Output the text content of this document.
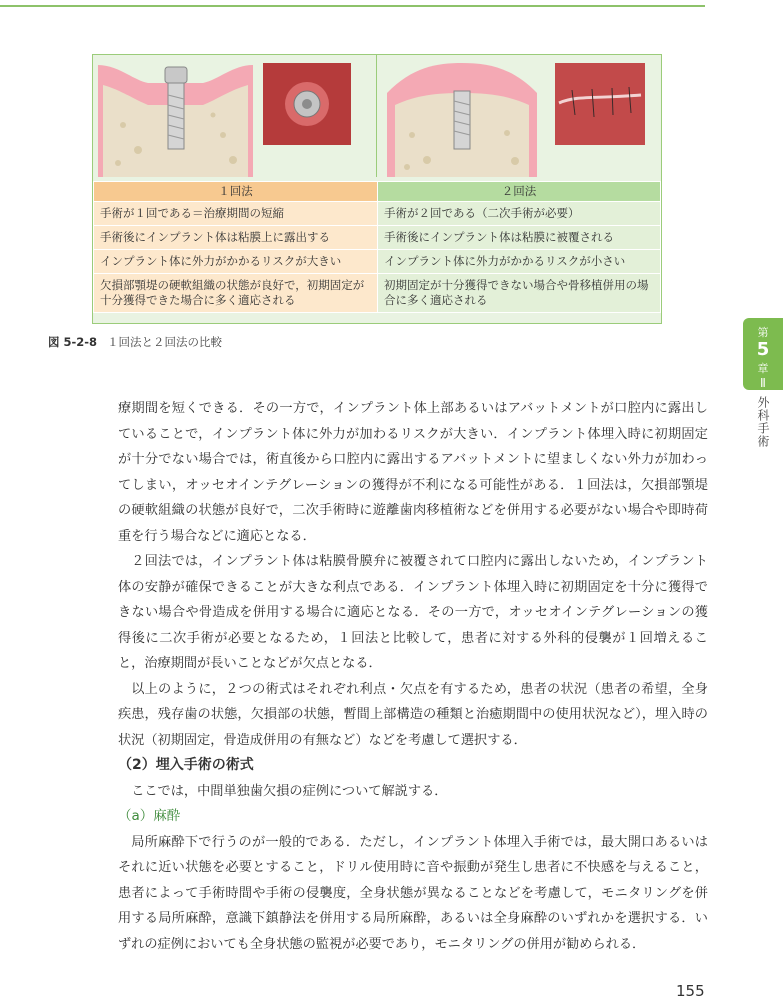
１回法	２回法
手術が１回である＝治療期間の短縮	手術が２回である（二次手術が必要）
手術後にインプラント体は粘膜上に露出する	手術後にインプラント体は粘膜に被覆される
インプラント体に外力がかかるリスクが大きい	インプラント体に外力がかかるリスクが小さい
欠損部顎堤の硬軟組織の状態が良好で，初期固定が十分獲得できた場合に多く適応される	初期固定が十分獲得できない場合や骨移植併用の場合に多く適応される
図 5-2-8 １回法と２回法の比較
第
5
章
Ⅱ
外科手術

療期間を短くできる．その一方で，インプラント体上部あるいはアバットメントが口腔内に露出していることで，インプラント体に外力が加わるリスクが大きい．インプラント体埋入時に初期固定が十分でない場合では，術直後から口腔内に露出するアバットメントに望ましくない外力が加わってしまい，オッセオインテグレーションの獲得が不利になる可能性がある．１回法は，欠損部顎堤の硬軟組織の状態が良好で，二次手術時に遊離歯肉移植術などを併用する必要がない場合や即時荷重を行う場合などに適応となる．

２回法では，インプラント体は粘膜骨膜弁に被覆されて口腔内に露出しないため，インプラント体の安静が確保できることが大きな利点である．インプラント体埋入時に初期固定を十分に獲得できない場合や骨造成を併用する場合に適応となる．その一方で，オッセオインテグレーションの獲得後に二次手術が必要となるため，１回法と比較して，患者に対する外科的侵襲が１回増えること，治療期間が長いことなどが欠点となる．

以上のように，２つの術式はそれぞれ利点・欠点を有するため，患者の状況（患者の希望，全身疾患，残存歯の状態，欠損部の状態，暫間上部構造の種類と治癒期間中の使用状況など），埋入時の状況（初期固定，骨造成併用の有無など）などを考慮して選択する．

（2）埋入手術の術式

ここでは，中間単独歯欠損の症例について解説する．

（a）麻酔

局所麻酔下で行うのが一般的である．ただし，インプラント体埋入手術では，最大開口あるいはそれに近い状態を必要とすること，ドリル使用時に音や振動が発生し患者に不快感を与えること，患者によって手術時間や手術の侵襲度，全身状態が異なることなどを考慮して，モニタリングを併用する局所麻酔，意識下鎮静法を併用する局所麻酔，あるいは全身麻酔のいずれかを選択する．いずれの症例においても全身状態の監視が必要であり，モニタリングの併用が勧められる．

155
